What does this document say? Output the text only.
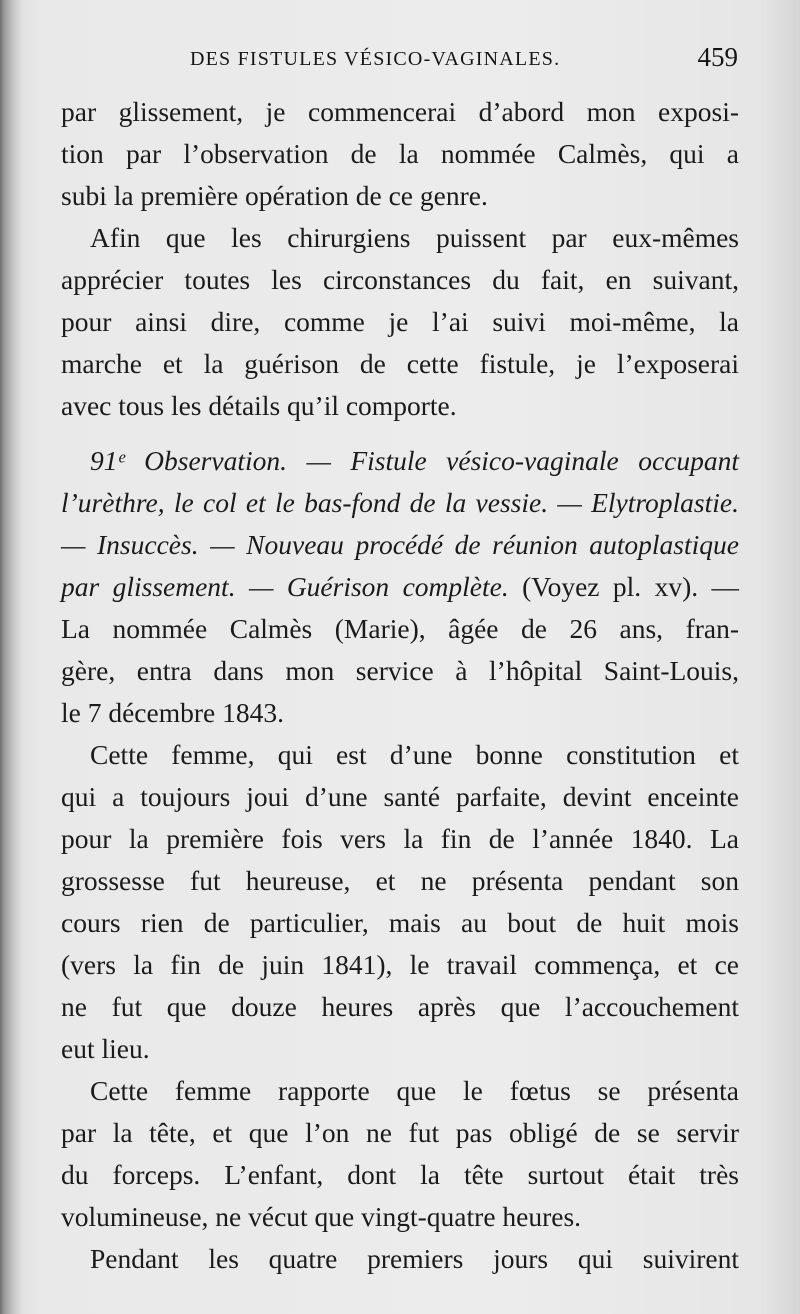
DES FISTULES VÉSICO-VAGINALES.	459
par glissement, je commencerai d’abord mon exposi-
tion par l’observation de la nommée Calmès, qui a
subi la première opération de ce genre.
Afin que les chirurgiens puissent par eux-mêmes
apprécier toutes les circonstances du fait, en suivant,
pour ainsi dire, comme je l’ai suivi moi-même, la
marche et la guérison de cette fistule, je l’exposerai
avec tous les détails qu’il comporte.
91ᵉ Observation. — Fistule vésico-vaginale occupant
l’urèthre, le col et le bas-fond de la vessie. — Elytroplastie.
— Insuccès. — Nouveau procédé de réunion autoplastique
par glissement. — Guérison complète. (Voyez pl. xv). —
La nommée Calmès (Marie), âgée de 26 ans, fran-
gère, entra dans mon service à l’hôpital Saint-Louis,
le 7 décembre 1843.
Cette femme, qui est d’une bonne constitution et
qui a toujours joui d’une santé parfaite, devint enceinte
pour la première fois vers la fin de l’année 1840. La
grossesse fut heureuse, et ne présenta pendant son
cours rien de particulier, mais au bout de huit mois
(vers la fin de juin 1841), le travail commença, et ce
ne fut que douze heures après que l’accouchement
eut lieu.
Cette femme rapporte que le fœtus se présenta
par la tête, et que l’on ne fut pas obligé de se servir
du forceps. L’enfant, dont la tête surtout était très
volumineuse, ne vécut que vingt-quatre heures.
Pendant les quatre premiers jours qui suivirent
